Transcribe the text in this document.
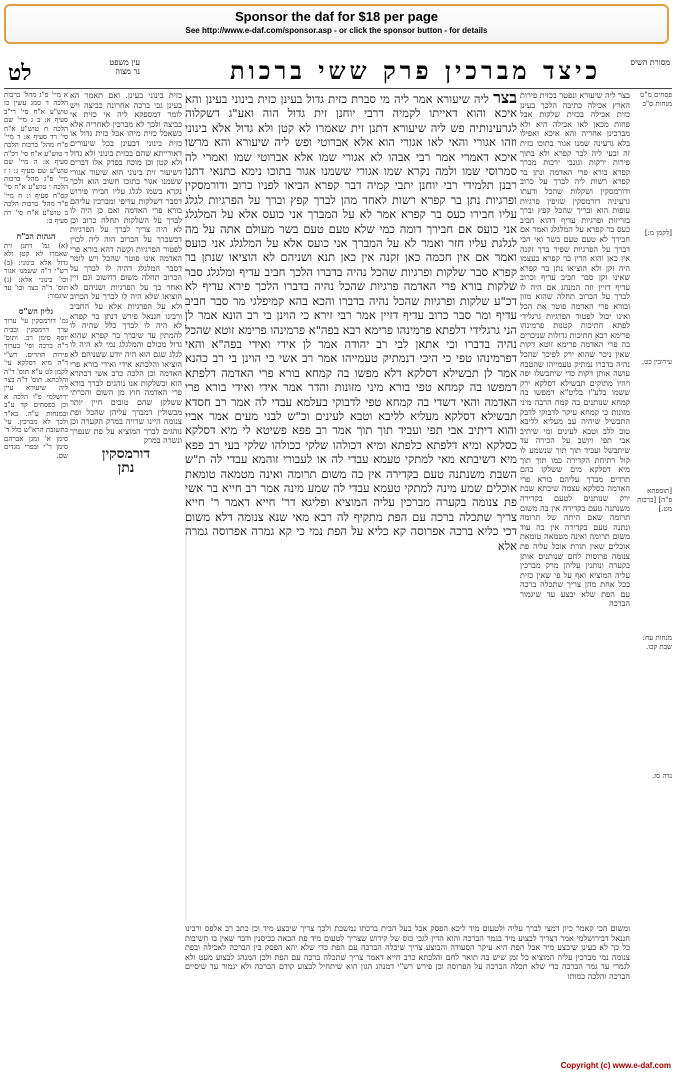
Sponsor the daf for $18 per page
See http://www.e-daf.com/sponsor.asp - or click the sponsor button - for details
מסורת השיס
כיצד מברכין פרק ששי ברכות
לט	עין משפט
נר מצוה
פסחים מ"ט מנחות ס"ב
[לקמן מ:]
עירובין כט.
[תוספתא פ"ה] [ברכות מט.]
מנחות עח: שבת קכו.
נדה סז.
בצר ליה שיעורא ונפטר בכזית פירות הארץ אכילה כתיבה הלכך בעינן כזית אכילה בכזית שלקות אבל פחות מכאן לאו אכילה היא ולא מברכינן אחריה והא איכא ואפילו בלא גרעינה שמנו אגור בתוכו בזית זה ובעי ליה לבר קפרא ולא בתוך פירות ירקות וגונבי ירכות מברך קפרא בורא פרי האדמה ונתן בר קפרא רשות ליה לברך על כרוב ודורמסקין ושקלות שהכל ודעתו גרעיניה דורמסקין שזיפין פרגיות עופות הוא ובריך שהכל קפץ וברך בזריזות ופרגיות עדיף דהוא חביב כעס בר קפרא על המלגלג ואמר אם חבירך לא טעם טעם בשר ואי הכי דברך על הפרגיות שפיר ברך זקנה אין כאן והוא הדין בר קפרא בעצמו היה זקן ולא הוציאו נתן בר קפרא שאינו זקן סבר חביב עדיף וכרוב עדיף דזיין וזה המנהג אם היה לו לברך על הכרוב תחלה שהוא מזון ובורא פרי האדמה פוטר את הכל ואינו יכול לפטור הפרגיות גרגלידי לפתא חתיכות קטנות פרמינהו פרימא רבא חתיכות גדולות שניכרים בה פרי האדמה פרימא זוטא דקות שאין ניכר שהוא ירק לפיכך שהכל נהיה בדברו נמתיק טעמייהו שהטבח עושה אותן דקות כדי שיתבשלו יפה ויהיו מתוקים תבשילא דסלקא ירק ששמו בלע"ז בליט"א דמפשו בה קמחא שנותנים בה קמח הרבה מיני מזונות כי קמחא עיקר לדבוקי לדבק התבשיל שיהיה עב מעליא לליבא טוב ללב וטבא לעינים ומי שיתיב אבי תפי ויושב על הכירה עד שיתבשל ועביד תוך תוך שנשמע לו קול רתיחת הקדירה כמו תוך תוך מיא דסלקא מים ששלקו בהם תרדים מברך עליהם בורא פרי האדמה כסלקא עצמה שיבתא שבת ירק שנותנים לטעם בקדירה משנתנה טעם בקדירה אין בה משום תרומה שאם היתה של תרומה ונתנה טעם בקדירה אין בה עוד משום תרומה ואינה מטמאה טומאת אוכלים שאין תורת אוכל עליה פת צנומה פרוסות לחם שנותנים אותן בקערה ונותנין עליהן מרק מברכין עליה המוציא ואף על פי שאין כזית בכל אחת מהן צריך שתכלה ברכה עם הפת שלא יבצע עד שיגמור הברכה
בצר ליה שיעורא אמר ליה מי סברת כזית גדול בעינן כזית בינוני בעינן והא איכא והוא דאייתו לקמיה דרבי יוחנן זית גדול הוה ואע"ג דשקלוה לגרעינותיה פש ליה שיעורא דתנן זית שאמרו לא קטן ולא גדול אלא בינוני וזהו אגורי והאי לאו אגורי הוא אלא אברוטי ופש ליה שיעורא והא מרשו איכא דאמרי אמר רבי אבהו לא אגורי שמו אלא אברוטי שמו ואמרי לה סמרוסי שמו ולמה נקרא שמו אגורי ששמנו אגור בתוכו נימא כתנאי דתנו רבנן תלמידי רבי יוחנן יתבי קמיה דבר קפרא הביאו לפניו כרוב ודורמסקין ופרגיות נתן בר קפרא רשות לאחד מהן לברך קפץ וברך על הפרגיות לגלג עליו חבירו כעס בר קפרא אמר לא על המברך אני כועס אלא על המלגלג אני כועס אם חבירך דומה כמי שלא טעם טעם בשר מעולם אתה על מה לגלגת עליו חזר ואמר לא על המברך אני כועס אלא על המלגלג אני כועס ואמר אם אין חכמה כאן זקנה אין כאן תנא ושניהם לא הוציאו שנתן בר קפרא סבר שלקות ופרגיות שהכל נהיה בדברו הלכך חביב עדיף ומלגלג סבר שלקות בורא פרי האדמה פרגיות שהכל נהיה בדברו הלכך פירא עדיף לא דכ"ע שלקות ופרגיות שהכל נהיה בדברו והכא בהא קמיפלגי מר סבר חביב עדיף ומר סבר כרוב עדיף דזיין אמר רבי זירא כי הוינן בי רב הונא אמר לן הני גרגלידי דלפתא פרמינהו פרימא רבא בפה"א פרמינהו פרימא זוטא שהכל נהיה בדברו וכי אתאן לבי רב יהודה אמר לן אידי ואידי בפה"א והאי דפרמינהו טפי כי היכי דנמתיק טעמייהו אמר רב אשי כי הוינן בי רב כהנא אמר לן תבשילא דסלקא דלא מפשו בה קמחא בורא פרי האדמה דלפתא דמפשו בה קמחא טפי בורא מיני מזונות והדר אמר אידי ואידי בורא פרי האדמה והאי דשדי בה קמחא טפי לדבוקי בעלמא עבדי לה אמר רב חסדא תבשילא דסלקא מעליא לליבא וטבא לעינים וכ"ש לבני מעים אמר אביי והוא דיתיב אבי תפי ועביד תוך תוך אמר רב פפא פשיטא לי מיא דסלקא כסלקא ומיא דלפתא כלפתא ומיא דכולהו שלקי ככולהו שלקי בעי רב פפא מיא דשיבתא מאי למתקי טעמא עבדי לה או לעבורי זוהמא עבדי לה ת"ש השבת משנתנה טעם בקדירה אין בה משום תרומה ואינה מטמאה טומאת אוכלים שמע מינה למתקי טעמא עבדי לה שמע מינה אמר רב חייא בר אשי פת צנומה בקערה מברכין עליה המוציא ופליגא דר' חייא דאמר ר' חייא צריך שתכלה ברכה עם הפת מתקיף לה רבא מאי שנא צנומה דלא משום דכי כליא ברכה אפרוסה קא כליא על הפת נמי כי קא גמרה אפרוסה גמרה אלא
כזית בינוני בעינן. ואם תאמר הא בעינן גבי ברכה אחרונה כביצה ויש לומר דמספקא ליה אי כזית אי כביצה ולכך לא מברכין לאחריה אלא כשאכל כזית מיהו אכל כזית גדול או כזית בינוני דבעינן בכל שיעורים דאורייתא שהם בכזית בינוני ולא גדול ולא קטן וכן מוכח בפרק אלו דברים דשיעור זית בינוני הוא שיעור אגורי ששמנו אגור בתוכו חשוב הוא ולכך נקרא בשמו לגלג עליו חבירו פירוש דסבר דשלקות עדיפי ומברכין עליהם בורא פרי האדמה ואם כן היה לו לברך על השלקות תחלה כרוב וכן לא היה צריך לברך על הפרגיות דכשברך על הכרוב הוה ליה לכוין לפטור הפרגיות וקשה דהא בורא פרי האדמה אינו פוטר שהכל ויש לומר דסבר המלגלג דהיה לו לברך על הכרוב תחלה משום דחשוב וגם זיין ואחר כך על הפרגיות ושניהם לא הוציאו שלא היה לו לברך על הכרוב ולא על הפרגיות אלא על החביב ורבינו חננאל פירש דנתן בר קפרא לא היה לו לברך כלל שהיה לו להמתין עד שיברך בר קפרא שהוא גדול מכולם והמלגלג נמי לא היה לו לגלג שגם הוא היה יודע ששניהם לא הוציאו והלכתא אידי ואידי בורא פרי האדמה וכן הלכה כרב אשי דבתרא הוא ובשלקות אנו נוהגים לברך בורא פרי האדמה חוץ מן השום והכרתי ששלקן שהם טובים חיין יותר מבשולין דמברך עליהן שהכל ופת צנומה היינו שרויה במרק הקערה וכן נוהגים לברך המוציא על פת שנפרך ונשרה במרק
דורמסקין
נתן
א מיי' פ"ג מהל' ברכות הלכה ד סמג עשין כז טוש"ע א"ח סי' רי"ב סעיף א: ב ג מיי' שם הלכה ח טוש"ע א"ח סי' רד סעיף א: ד מיי' פ"ח מהל' ברכות הלכה ד טוש"ע א"ח סי' רכ"ה סעיף א: ה מיי' שם טוש"ע שם סעיף ג: ו ז מיי' פ"ג מהל' ברכות הלכה י טוש"ע א"ח סי' קס"ח סעיף ו: ח מיי' פ"ד מהל' ברכות הלכה ב טוש"ע א"ח סי' רה סעיף ב:
הגהות הב"ח
(א) גמ' דתנן זית שאמרו לא קטן ולא גדול אלא בינוני: (ב) רש"י ד"ה ששמנו אגור וכו' בינוני אלא: (ג) תוס' ד"ה בצר וכו' עד שיגמור:
גליון הש"ס
גמ' דורמסקין עי' ערוך ערך דרמסקין ובבית יוסף סימן רב. ותוס' ד"ה ברכה ופי' בערוך פירות ההרים. רש"י ד"ה מיא דסלקא עי' לקמן לט ע"א תוס' ד"ה והלכתא. תוס' ד"ה בצר ליה שיעורא עיין ירושלמי פ"ו הלכה א וכן בפסחים קד ע"ב ובמנחות ע"ה. בא"ד ולכך לא מברכין. עי' בתשובת הרא"ש כלל ד' סימן א' ומגן אברהם סימן ר"י ובפרי מגדים שם.
ומשום הכי קאמר כיון דמצי לברך עליה ולטעום מיד ליכא הפסק אבל בעל הבית ברכתו נמשכת ולכך צריך שיבצע מיד וכן כתב רב אלפס ורבינו חננאל דבירושלמי אמר דצריך לבצוע מיד בגמר הברכה והוא הדין לגבי כוס של קידוש שצריך לטעום מיד פת הבאה בכיסנין ודבר שאין בו חשיבות כל כך לא בעינן שיבצע מיד אבל הפת היא עיקר הסעודה והבוצע צריך שיכלה הברכה עם הפת כדי שלא יהא הפסק בין הברכה לאכילה ובפת צנומה נמי מברכין עליה המוציא כל זמן שיש בה תואר לחם והלכתא כרב חייא דאמר צריך שתכלה ברכה עם הפת ולכן המנהג לבצוע מעט ולא לגמרי עד גמר הברכה כדי שלא תכלה הברכה על הפרוסה וכן פירש רש"י דמנהג הגון הוא שיתחיל לבצוע קודם הברכה ולא יגמור עד שיסיים הברכה והלכה כמותו
Copyright (c) www.e-daf.com
